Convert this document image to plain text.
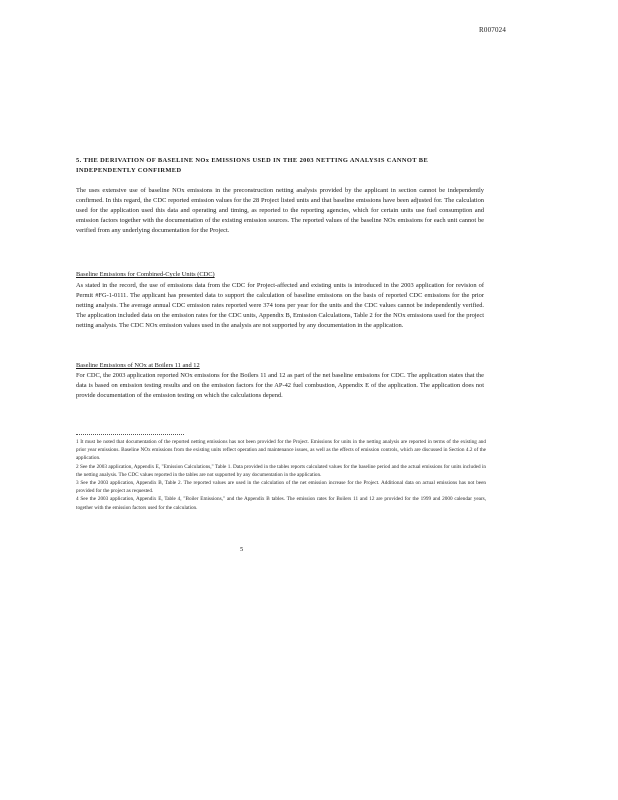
R007024
5. THE DERIVATION OF BASELINE NOx EMISSIONS USED IN THE 2003 NETTING ANALYSIS CANNOT BE INDEPENDENTLY CONFIRMED
The uses extensive use of baseline NOx emissions in the preconstruction netting analysis provided by the applicant in section cannot be independently confirmed. In this regard, the CDC reported emission values for the 28 Project listed units and that baseline emissions have been adjusted for. The calculation used for the application used this data and operating and timing, as reported to the reporting agencies, which for certain units use fuel consumption and emission factors together with the documentation of the existing emission sources. The reported values of the baseline NOx emissions for each unit cannot be verified from any underlying documentation for the Project.
Baseline Emissions for Combined-Cycle Units (CDC)
As stated in the record, the use of emissions data from the CDC for Project-affected and existing units is introduced in the 2003 application for revision of Permit #FG-1-0111. The applicant has presented data to support the calculation of baseline emissions on the basis of reported CDC emissions for the prior netting analysis. The average annual CDC emission rates reported were 374 tons per year for the units and the CDC values cannot be independently verified. The application included data on the emission rates for the CDC units, Appendix B, Emission Calculations, Table 2 for the NOx emissions used for the project netting analysis. The CDC NOx emission values used in the analysis are not supported by any documentation in the application.
Baseline Emissions of NOx at Boilers 11 and 12
For CDC, the 2003 application reported NOx emissions for the Boilers 11 and 12 as part of the net baseline emissions for CDC. The application states that the data is based on emission testing results and on the emission factors for the AP-42 fuel combustion, Appendix E of the application. The application does not provide documentation of the emission testing on which the calculations depend.

1 It must be noted that documentation of the reported netting emissions has not been provided for the Project. Emissions for units in the netting analysis are reported in terms of the existing and prior year emissions. Baseline NOx emissions from the existing units reflect operation and maintenance issues, as well as the effects of emission controls, which are discussed in Section 4.2 of the application.

2 See the 2003 application, Appendix E, "Emission Calculations," Table 1. Data provided in the tables reports calculated values for the baseline period and the actual emissions for units included in the netting analysis. The CDC values reported in the tables are not supported by any documentation in the application.

3 See the 2003 application, Appendix B, Table 2. The reported values are used in the calculation of the net emission increase for the Project. Additional data on actual emissions has not been provided for the project as requested.

4 See the 2003 application, Appendix E, Table 4, "Boiler Emissions," and the Appendix B tables. The emission rates for Boilers 11 and 12 are provided for the 1999 and 2000 calendar years, together with the emission factors used for the calculation.

5
